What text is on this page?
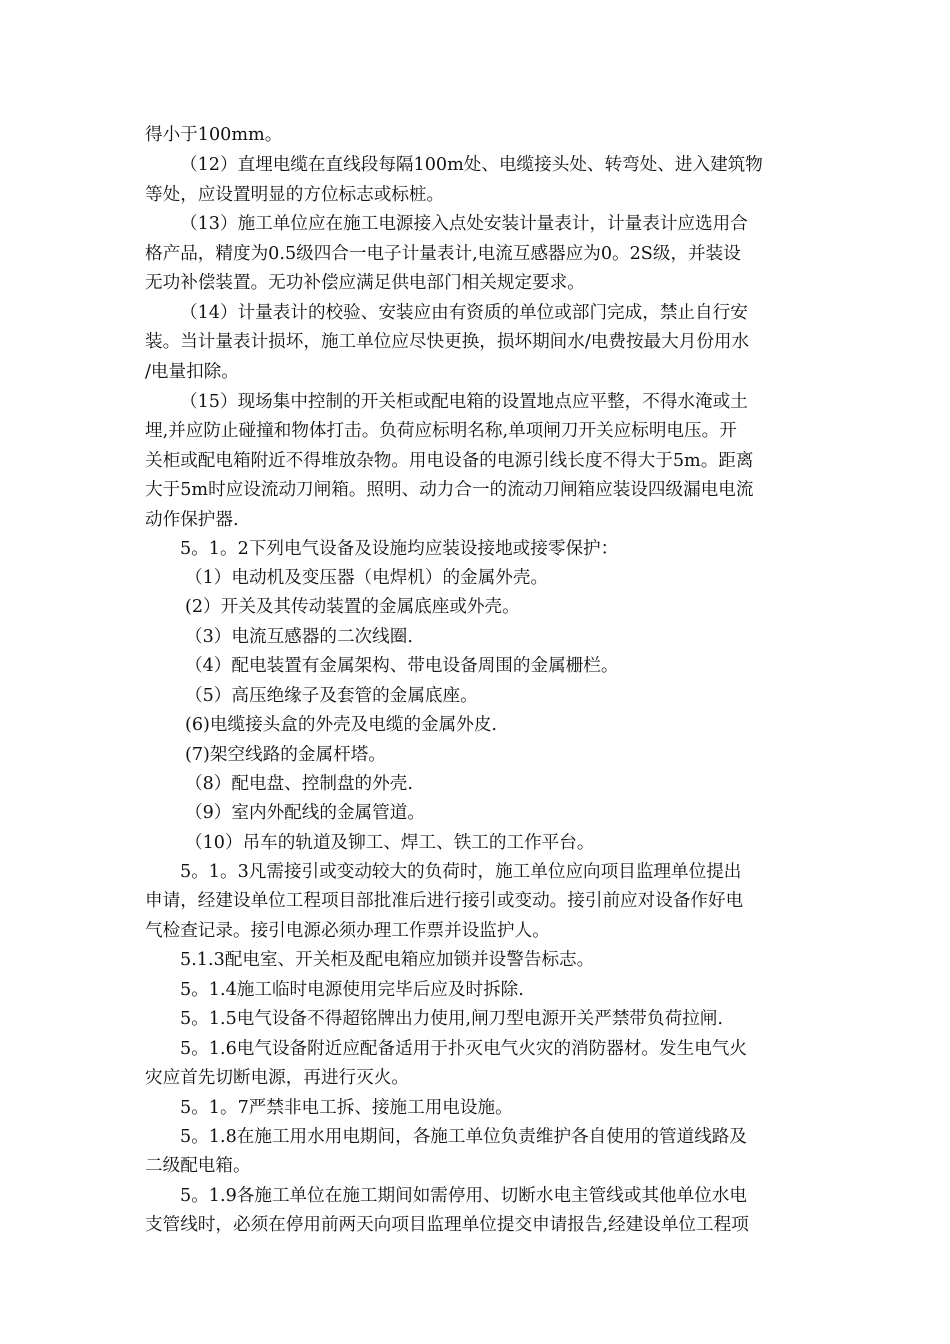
得小于100mm。
（12）直埋电缆在直线段每隔100m处、电缆接头处、转弯处、进入建筑物
等处，应设置明显的方位标志或标桩。
（13）施工单位应在施工电源接入点处安装计量表计，计量表计应选用合
格产品，精度为0.5级四合一电子计量表计,电流互感器应为0。2S级，并装设
无功补偿装置。无功补偿应满足供电部门相关规定要求。
（14）计量表计的校验、安装应由有资质的单位或部门完成，禁止自行安
装。当计量表计损坏，施工单位应尽快更换，损坏期间水/电费按最大月份用水
/电量扣除。
（15）现场集中控制的开关柜或配电箱的设置地点应平整，不得水淹或土
埋,并应防止碰撞和物体打击。负荷应标明名称,单项闸刀开关应标明电压。开
关柜或配电箱附近不得堆放杂物。用电设备的电源引线长度不得大于5m。距离
大于5m时应设流动刀闸箱。照明、动力合一的流动刀闸箱应装设四级漏电电流
动作保护器.
5。1。2下列电气设备及设施均应装设接地或接零保护：
（1）电动机及变压器（电焊机）的金属外壳。
(2）开关及其传动装置的金属底座或外壳。
（3）电流互感器的二次线圈.
（4）配电装置有金属架构、带电设备周围的金属栅栏。
（5）高压绝缘子及套管的金属底座。
(6)电缆接头盒的外壳及电缆的金属外皮.
(7)架空线路的金属杆塔。
（8）配电盘、控制盘的外壳.
（9）室内外配线的金属管道。
（10）吊车的轨道及铆工、焊工、铁工的工作平台。
5。1。3凡需接引或变动较大的负荷时，施工单位应向项目监理单位提出
申请，经建设单位工程项目部批准后进行接引或变动。接引前应对设备作好电
气检查记录。接引电源必须办理工作票并设监护人。
5.1.3配电室、开关柜及配电箱应加锁并设警告标志。
5。1.4施工临时电源使用完毕后应及时拆除.
5。1.5电气设备不得超铭牌出力使用,闸刀型电源开关严禁带负荷拉闸.
5。1.6电气设备附近应配备适用于扑灭电气火灾的消防器材。发生电气火
灾应首先切断电源，再进行灭火。
5。1。7严禁非电工拆、接施工用电设施。
5。1.8在施工用水用电期间，各施工单位负责维护各自使用的管道线路及
二级配电箱。
5。1.9各施工单位在施工期间如需停用、切断水电主管线或其他单位水电
支管线时，必须在停用前两天向项目监理单位提交申请报告,经建设单位工程项
